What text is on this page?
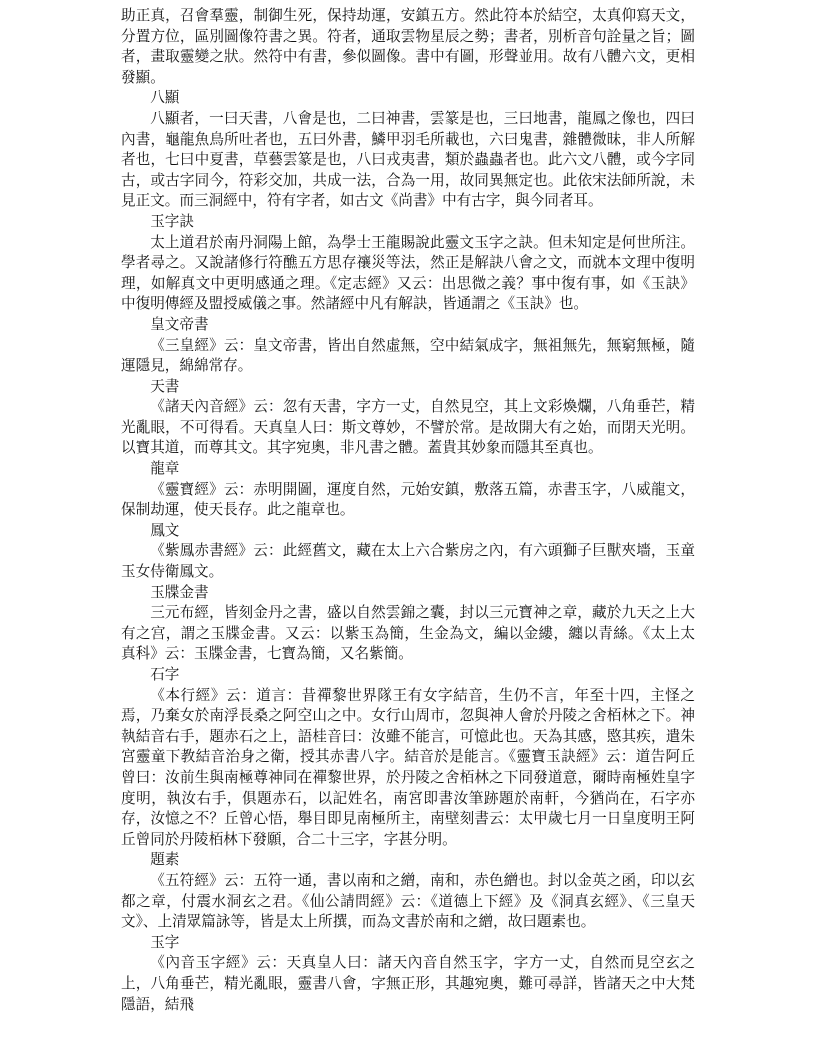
助正真，召會羣靈，制御生死，保持劫運，安鎮五方。然此符本於結空，太真仰寫天文，分置方位，區別圖像符書之異。符者，通取雲物星辰之勢；書者，別析音句詮量之旨；圖者，畫取靈變之狀。然符中有書，參似圖像。書中有圖，形聲並用。故有八體六文，更相發顯。

八顯

八顯者，一曰天書，八會是也，二曰神書，雲篆是也，三曰地書，龍鳳之像也，四曰內書，龜龍魚鳥所吐者也，五曰外書，鱗甲羽毛所載也，六曰鬼書，雜體微昧，非人所解者也，七曰中夏書，草藝雲篆是也，八曰戎夷書，類於蟲蟲者也。此六文八體，或今字同古，或古字同今，符彩交加，共成一法，合為一用，故同異無定也。此依宋法師所說，未見正文。而三洞經中，符有字者，如古文《尚書》中有古字，與今同者耳。

玉字訣

太上道君於南丹洞陽上館，為學士王龍賜說此靈文玉字之訣。但未知定是何世所注。學者尋之。又說諸修行符醮五方思存禳災等法，然正是解訣八會之文，而就本文理中復明理，如解真文中更明感通之理。《定志經》又云：出思微之義？事中復有事，如《玉訣》中復明傳經及盟授威儀之事。然諸經中凡有解訣，皆通謂之《玉訣》也。

皇文帝書

《三皇經》云：皇文帝書，皆出自然虛無，空中結氣成字，無祖無先，無窮無極，隨運隱見，綿綿常存。

天書

《諸天內音經》云：忽有天書，字方一丈，自然見空，其上文彩煥爛，八角垂芒，精光亂眼，不可得看。天真皇人曰：斯文尊妙，不譬於常。是故開大有之始，而閉天光明。以寶其道，而尊其文。其字宛奧，非凡書之體。蓋貴其妙象而隱其至真也。

龍章

《靈寶經》云：赤明開圖，運度自然，元始安鎮，敷落五篇，赤書玉字，八威龍文，保制劫運，使天長存。此之龍章也。

鳳文

《紫鳳赤書經》云：此經舊文，藏在太上六合紫房之內，有六頭獅子巨獸夾墻，玉童玉女侍衛鳳文。

玉牒金書

三元布經，皆刻金丹之書，盛以自然雲錦之囊，封以三元寶神之章，藏於九天之上大有之宫，謂之玉牒金書。又云：以紫玉為簡，生金為文，編以金縷，纏以青絲。《太上太真科》云：玉牒金書，七寶為簡，又名紫簡。

石字

《本行經》云：道言：昔禪黎世界隊王有女字結音，生仍不言，年至十四，主怪之焉，乃棄女於南浮長桑之阿空山之中。女行山周市，忽與神人會於丹陵之舍栢林之下。神執結音右手，題赤石之上，語桂音曰：汝雖不能言，可憶此也。天為其感，愍其疾，遣朱宮靈童下教結音治身之衛，授其赤書八字。結音於是能言。《靈寶玉訣經》云：道告阿丘曾曰：汝前生與南極尊神同在禪黎世界，於丹陵之舍栢林之下同發道意，爾時南極姓皇字度明，執汝右手，俱題赤石，以記姓名，南宮即書汝筆跡題於南軒，今猶尚在，石字亦存，汝憶之不？丘曾心悟，舉目即見南極所主，南壁刻書云：太甲歲七月一日皇度明王阿丘曾同於丹陵栢林下發願，合二十三字，字甚分明。

題素

《五符經》云：五符一通，書以南和之繒，南和，赤色繒也。封以金英之函，印以玄都之章，付震水洞玄之君。《仙公請問經》云：《道德上下經》及《洞真玄經》、《三皇天文》、上清眾篇詠等，皆是太上所撰，而為文書於南和之繒，故曰題素也。

玉字

《內音玉字經》云：天真皇人曰：諸天內音自然玉字，字方一丈，自然而見空玄之上，八角垂芒，精光亂眼，靈書八會，字無正形，其趣宛奧，難可尋詳，皆諸天之中大梵隱語，結飛
